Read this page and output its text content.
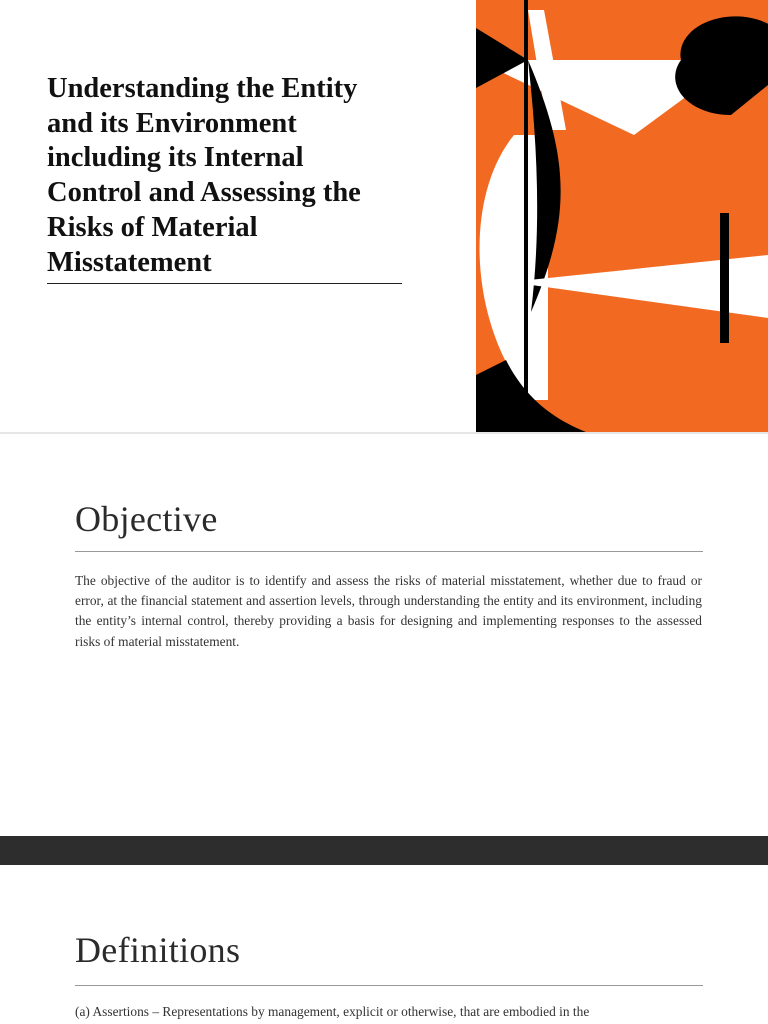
Understanding the Entity
and its Environment
including its Internal
Control and Assessing the
Risks of Material
Misstatement
Objective

The objective of the auditor is to identify and assess the risks of material misstatement, whether due to fraud or error, at the financial statement and assertion levels, through understanding the entity and its environment, including the entity’s internal control, thereby providing a basis for designing and implementing responses to the assessed risks of material misstatement.

Definitions

(a) Assertions – Representations by management, explicit or otherwise, that are embodied in the
